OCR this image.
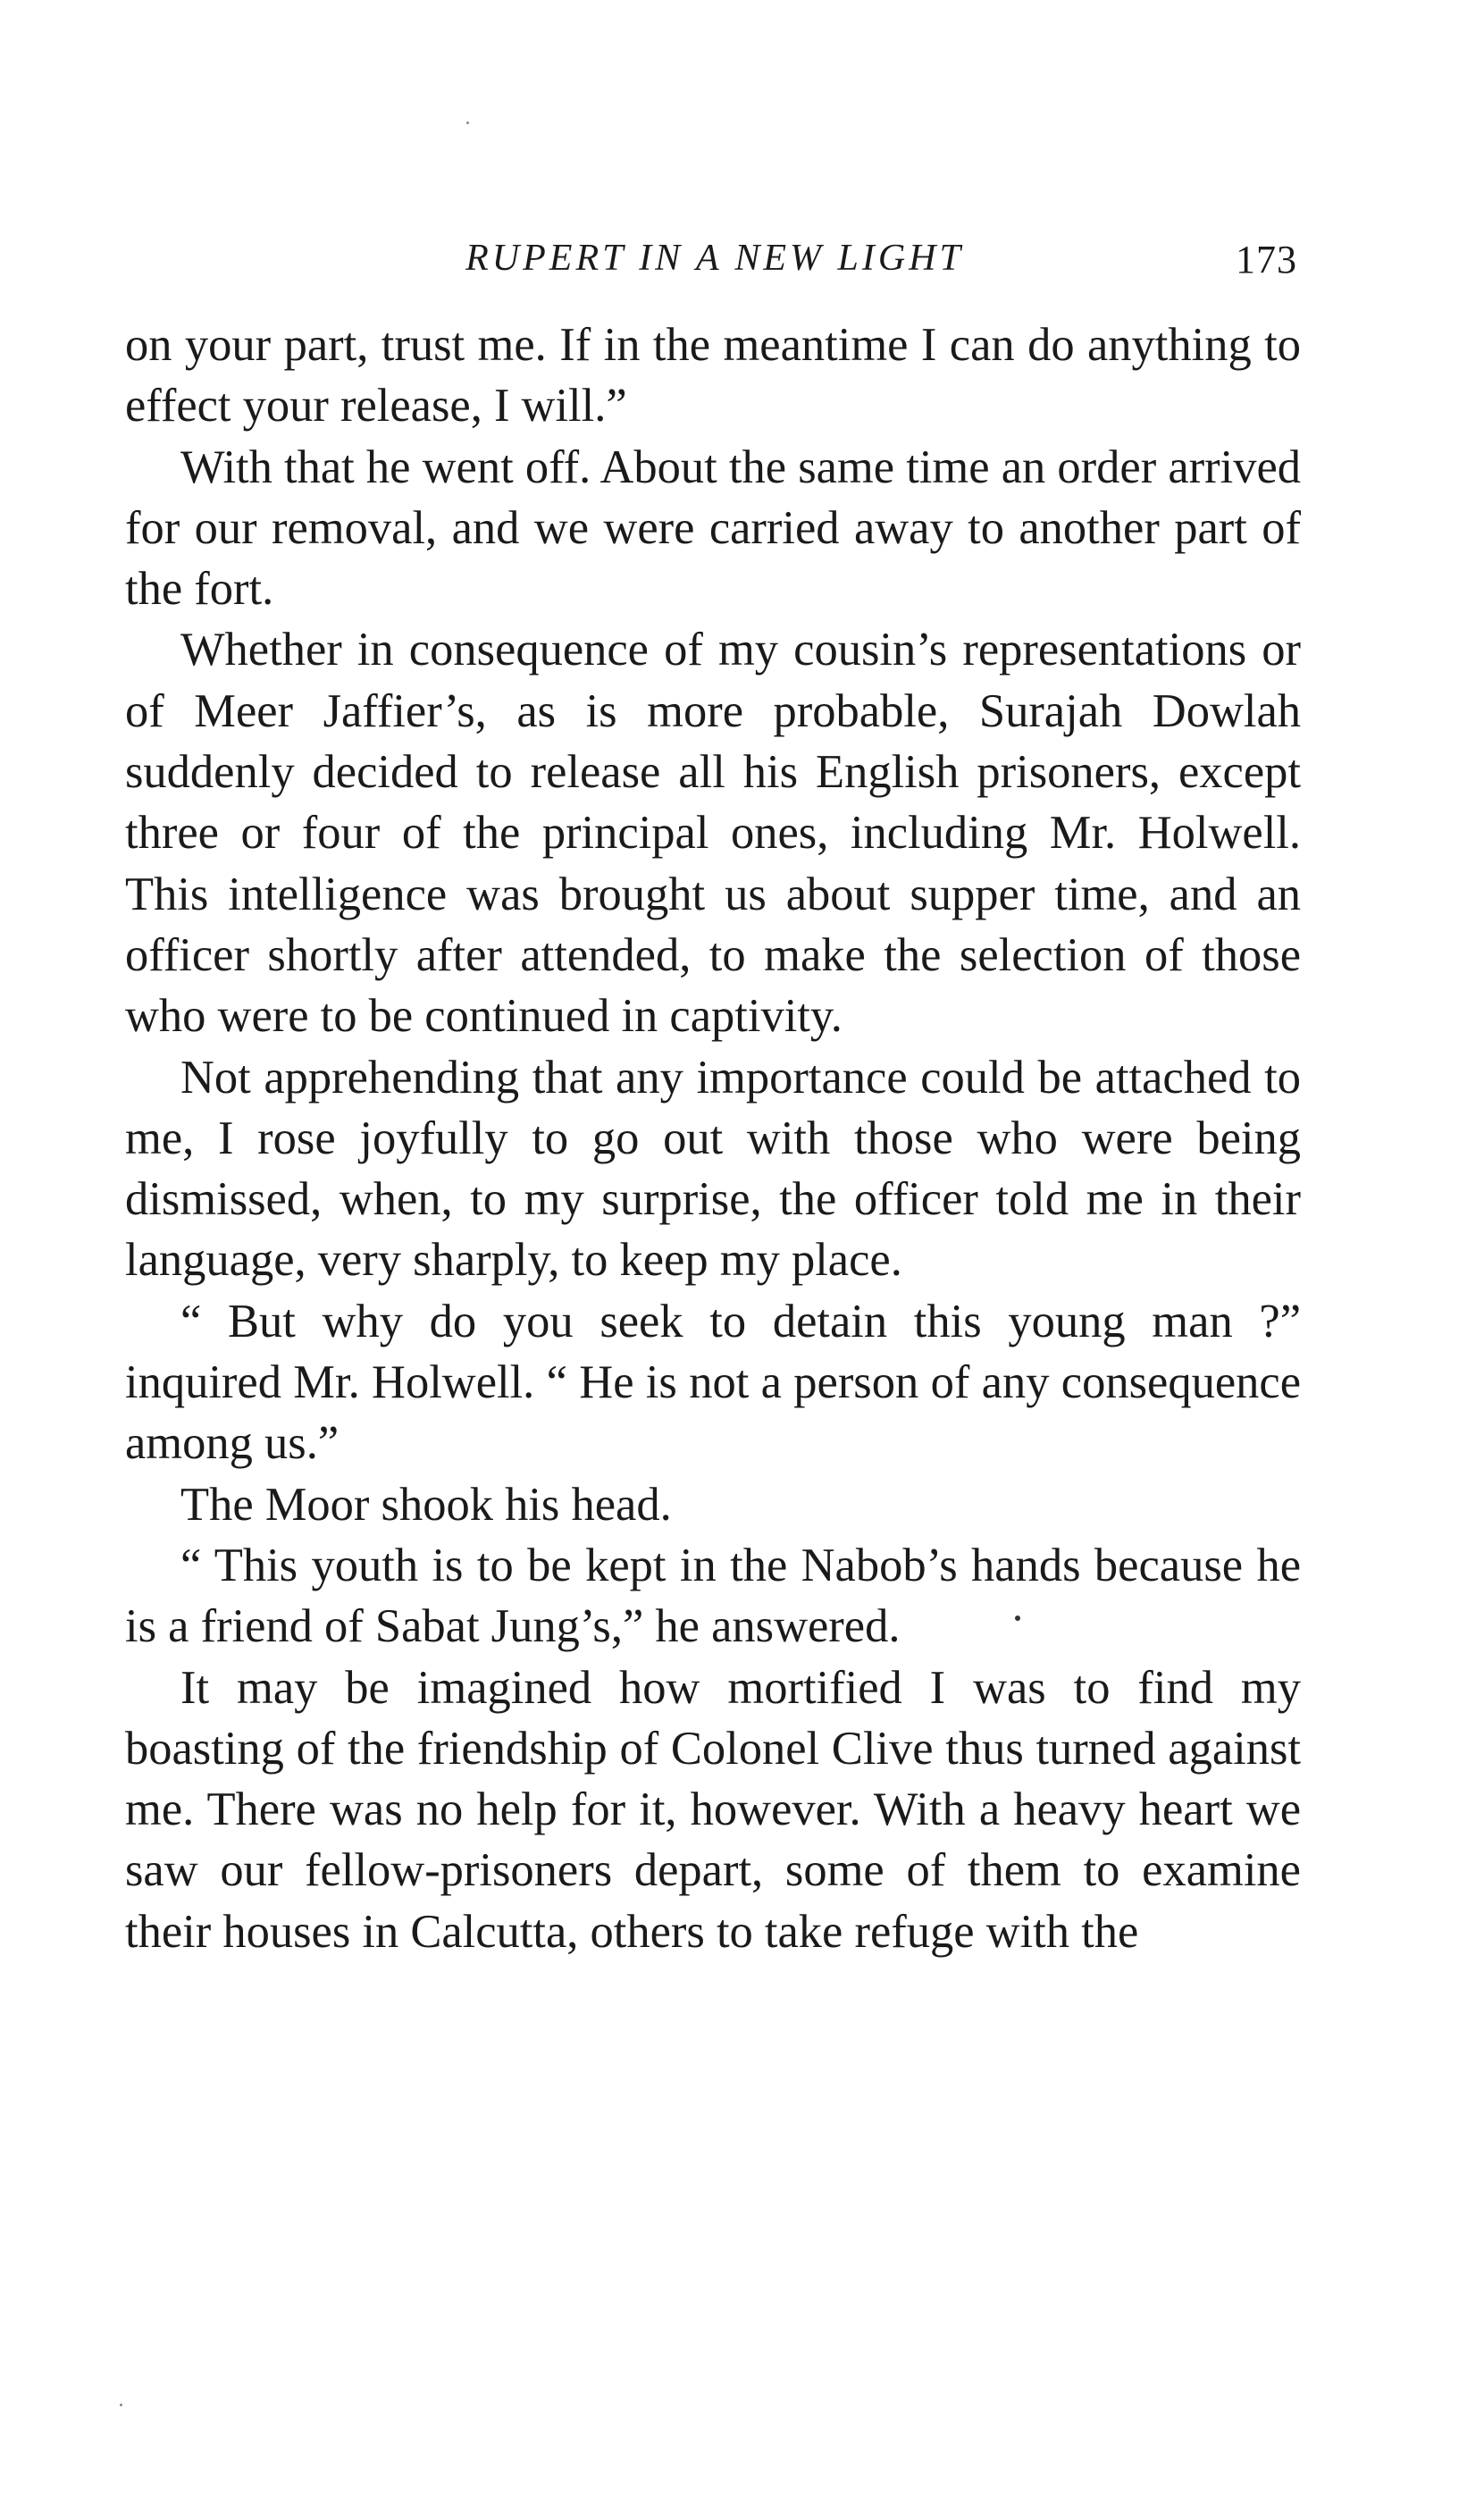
RUPERT IN A NEW LIGHT	173

on your part, trust me. If in the meantime I can do anything to effect your release, I will.”

With that he went off. About the same time an order arrived for our removal, and we were carried away to another part of the fort.

Whether in consequence of my cousin’s representations or of Meer Jaffier’s, as is more probable, Surajah Dowlah suddenly decided to release all his English prisoners, except three or four of the principal ones, including Mr. Holwell. This intelligence was brought us about supper time, and an officer shortly after attended, to make the selection of those who were to be continued in captivity.

Not apprehending that any importance could be attached to me, I rose joyfully to go out with those who were being dismissed, when, to my surprise, the officer told me in their language, very sharply, to keep my place.

“ But why do you seek to detain this young man ?” inquired Mr. Holwell. “ He is not a person of any consequence among us.”

The Moor shook his head.

“ This youth is to be kept in the Nabob’s hands because he is a friend of Sabat Jung’s,” he answered.

It may be imagined how mortified I was to find my boasting of the friendship of Colonel Clive thus turned against me. There was no help for it, however. With a heavy heart we saw our fellow-prisoners depart, some of them to examine their houses in Calcutta, others to take refuge with the
